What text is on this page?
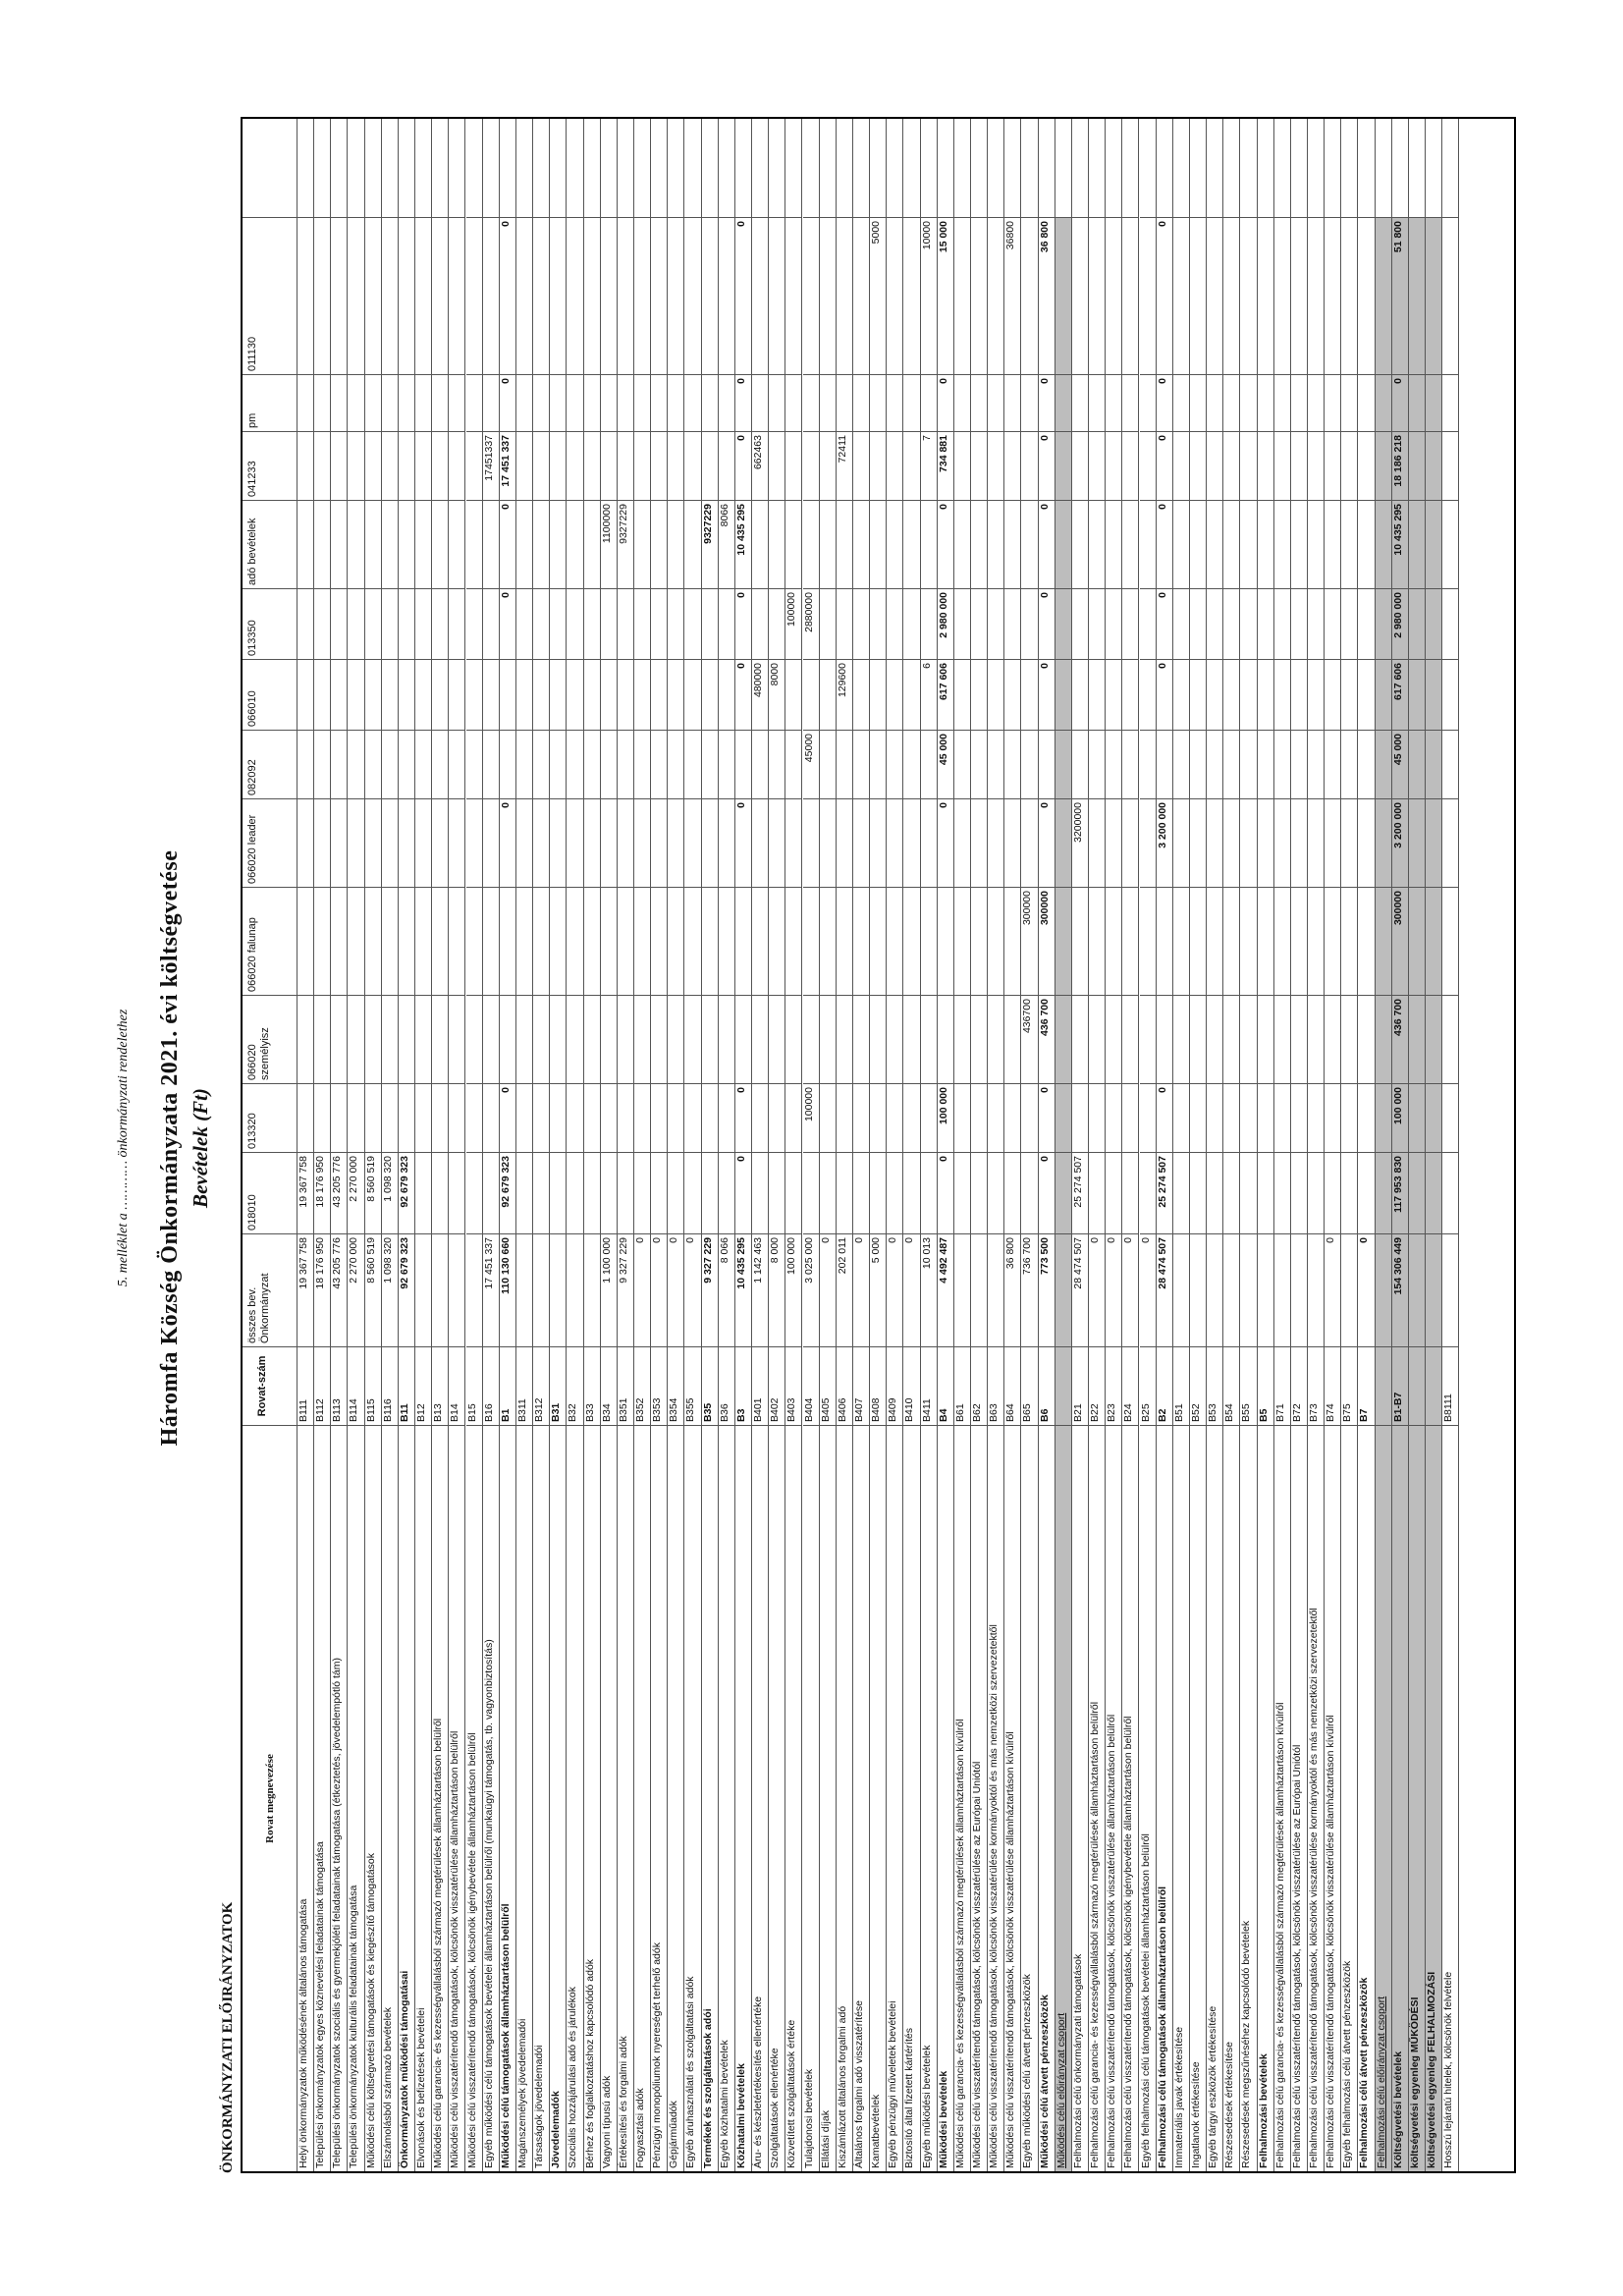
5. melléklet a ………… önkormányzati rendelethez Háromfa Község Önkormányzata 2021. évi költségvetése Bevételek (Ft)
ÖNKORMÁNYZATI ELŐIRÁNYZATOK
Rovat megnevezése
Rovat-szám
összes bev. Önkormányzat
018010
013320
066020 személyisz
066020 falunap
066020 leader
082092
066010
013350
adó bevételek
041233
pm
011130
Helyi önkormányzatok működésének általános támogatása
B111
19 367 758
19 367 758
Települési önkormányzatok egyes köznevelési feladatainak támogatása
B112
18 176 950
18 176 950
Települési önkormányzatok szociális és gyermekjóléti feladatainak támogatása (étkeztetés, jövedelempótló tám)
B113
43 205 776
43 205 776
Települési önkormányzatok kulturális feladatainak támogatása
B114
2 270 000
2 270 000
Működési célú költségvetési támogatások és kiegészítő támogatások
B115
8 560 519
8 560 519
Elszámolásból származó bevételek
B116
1 098 320
1 098 320
Önkormányzatok működési támogatásai
B11
92 679 323
92 679 323
Elvonások és befizetések bevételei
B12
Működési célú garancia- és kezességvállalásból származó megtérülések államháztartáson belülről
B13
Működési célú visszatérítendő támogatások, kölcsönök visszatérülése államháztartáson belülről
B14
Működési célú visszatérítendő támogatások, kölcsönök igénybevétele államháztartáson belülről
B15
Egyéb működési célú támogatások bevételei államháztartáson belülről (munkaügyi támogatás, tb. vagyonbiztosítás)
B16
17 451 337
17451337
Működési célú támogatások államháztartáson belülről
B1
110 130 660
92 679 323
0
0
0
0
17 451 337
0
0
Magánszemélyek jövedelemadói
B311
Társaságok jövedelemadói
B312
Jövedelemadók
B31
Szociális hozzájárulási adó és járulékok
B32
Bérhez és foglalkoztatáshoz kapcsolódó adók
B33
Vagyoni típusú adók
B34
1 100 000
1100000
Értékesítési és forgalmi adók
B351
9 327 229
9327229
Fogyasztási adók
B352
0
Pénzügyi monopóliumok nyereségét terhelő adók
B353
0
Gépjárműadók
B354
0
Egyéb áruhasználati és szolgáltatási adók
B355
0
Termékek és szolgáltatások adói
B35
9 327 229
9327229
Egyéb közhatalmi bevételek
B36
8 066
8066
Közhatalmi bevételek
B3
10 435 295
0
0
0
0
0
10 435 295
0
0
0
Áru- és készletértékesítés ellenértéke
B401
1 142 463
480000
662463
Szolgáltatások ellenértéke
B402
8 000
8000
Közvetített szolgáltatások értéke
B403
100 000
100000
Tulajdonosi bevételek
B404
3 025 000
100000
45000
2880000
Ellátási díjak
B405
0
Kiszámlázott általános forgalmi adó
B406
202 011
129600
72411
Általános forgalmi adó visszatérítése
B407
0
Kamatbevételek
B408
5 000
5000
Egyéb pénzügyi műveletek bevételei
B409
0
Biztosító által fizetett kártérítés
B410
0
Egyéb működési bevételek
B411
10 013
6
7
10000
Működési bevételek
B4
4 492 487
0
100 000
0
45 000
617 606
2 980 000
0
734 881
0
15 000
Működési célú garancia- és kezességvállalásból származó megtérülések államháztartáson kívülről
B61
Működési célú visszatérítendő támogatások, kölcsönök visszatérülése az Európai Uniótól
B62
Működési célú visszatérítendő támogatások, kölcsönök visszatérülése kormányoktól és más nemzetközi szervezetektől
B63
Működési célú visszatérítendő támogatások, kölcsönök visszatérülése államháztartáson kívülről
B64
36 800
36800
Egyéb működési célú átvett pénzeszközök
B65
736 700
436700
300000
Működési célú átvett pénzeszközök
B6
773 500
0
0
436 700
300000
0
0
0
0
0
0
36 800
Működési célú előirányzat csoport Felhalmozási célú önkormányzati támogatások
B21
28 474 507
25 274 507
3200000
Felhalmozási célú garancia- és kezességvállalásból származó megtérülések államháztartáson belülről
B22
0
Felhalmozási célú visszatérítendő támogatások, kölcsönök visszatérülése államháztartáson belülről
B23
0
Felhalmozási célú visszatérítendő támogatások, kölcsönök igénybevétele államháztartáson belülről
B24
0
Egyéb felhalmozási célú támogatások bevételei államháztartáson belülről
B25
0
Felhalmozási célú támogatások államháztartáson belülről
B2
28 474 507
25 274 507
0
3 200 000
0
0
0
0
0
0
Immateriális javak értékesítése
B51
Ingatlanok értékesítése
B52
Egyéb tárgyi eszközök értékesítése
B53
Részesedések értékesítése
B54
Részesedések megszűnéséhez kapcsolódó bevételek
B55
Felhalmozási bevételek
B5
Felhalmozási célú garancia- és kezességvállalásból származó megtérülések államháztartáson kívülről
B71
Felhalmozási célú visszatérítendő támogatások, kölcsönök visszatérülése az Európai Uniótól
B72
Felhalmozási célú visszatérítendő támogatások, kölcsönök visszatérülése kormányoktól és más nemzetközi szervezetektől
B73
Felhalmozási célú visszatérítendő támogatások, kölcsönök visszatérülése államháztartáson kívülről
B74
0
Egyéb felhalmozási célú átvett pénzeszközök
B75
Felhalmozási célú átvett pénzeszközök
B7
0
Felhalmozási célú előirányzat csoport Költségvetési bevételek
B1-B7
154 306 449
117 953 830
100 000
436 700
300000
3 200 000
45 000
617 606
2 980 000
10 435 295
18 186 218
0
51 800
költségvetési egyenleg MŰKÖDÉSI költségvetési egyenleg FELHALMOZÁSI Hosszú lejáratú hitelek, kölcsönök felvétele
B8111
